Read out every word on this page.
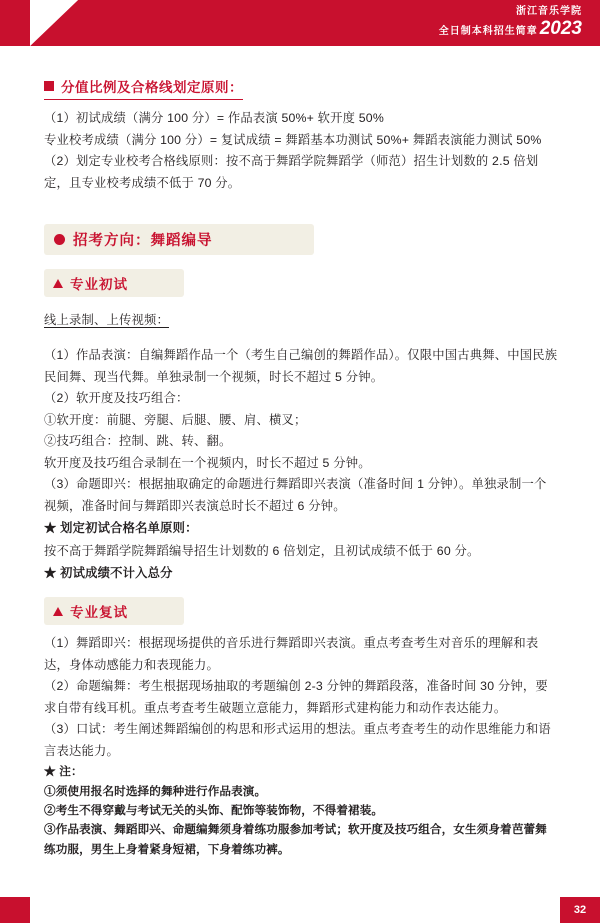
浙江音乐学院
全日制本科招生简章 2023
分值比例及合格线划定原则：

（1）初试成绩（满分 100 分）= 作品表演 50%+ 软开度 50%

专业校考成绩（满分 100 分）= 复试成绩 = 舞蹈基本功测试 50%+ 舞蹈表演能力测试 50%

（2）划定专业校考合格线原则：按不高于舞蹈学院舞蹈学（师范）招生计划数的 2.5 倍划定，且专业校考成绩不低于 70 分。

招考方向：舞蹈编导
专业初试

线上录制、上传视频：

（1）作品表演：自编舞蹈作品一个（考生自己编创的舞蹈作品）。仅限中国古典舞、中国民族民间舞、现当代舞。单独录制一个视频，时长不超过 5 分钟。

（2）软开度及技巧组合：

①软开度：前腿、旁腿、后腿、腰、肩、横叉；

②技巧组合：控制、跳、转、翻。

软开度及技巧组合录制在一个视频内，时长不超过 5 分钟。

（3）命题即兴：根据抽取确定的命题进行舞蹈即兴表演（准备时间 1 分钟）。单独录制一个视频，准备时间与舞蹈即兴表演总时长不超过 6 分钟。

★ 划定初试合格名单原则：

按不高于舞蹈学院舞蹈编导招生计划数的 6 倍划定，且初试成绩不低于 60 分。

★ 初试成绩不计入总分

专业复试

（1）舞蹈即兴：根据现场提供的音乐进行舞蹈即兴表演。重点考查考生对音乐的理解和表达，身体动感能力和表现能力。

（2）命题编舞：考生根据现场抽取的考题编创 2-3 分钟的舞蹈段落，准备时间 30 分钟，要求自带有线耳机。重点考查考生破题立意能力，舞蹈形式建构能力和动作表达能力。

（3）口试：考生阐述舞蹈编创的构思和形式运用的想法。重点考查考生的动作思维能力和语言表达能力。

★ 注：

①须使用报名时选择的舞种进行作品表演。

②考生不得穿戴与考试无关的头饰、配饰等装饰物，不得着裙装。

③作品表演、舞蹈即兴、命题编舞须身着练功服参加考试；软开度及技巧组合，女生须身着芭蕾舞练功服，男生上身着紧身短裙，下身着练功裤。

32
